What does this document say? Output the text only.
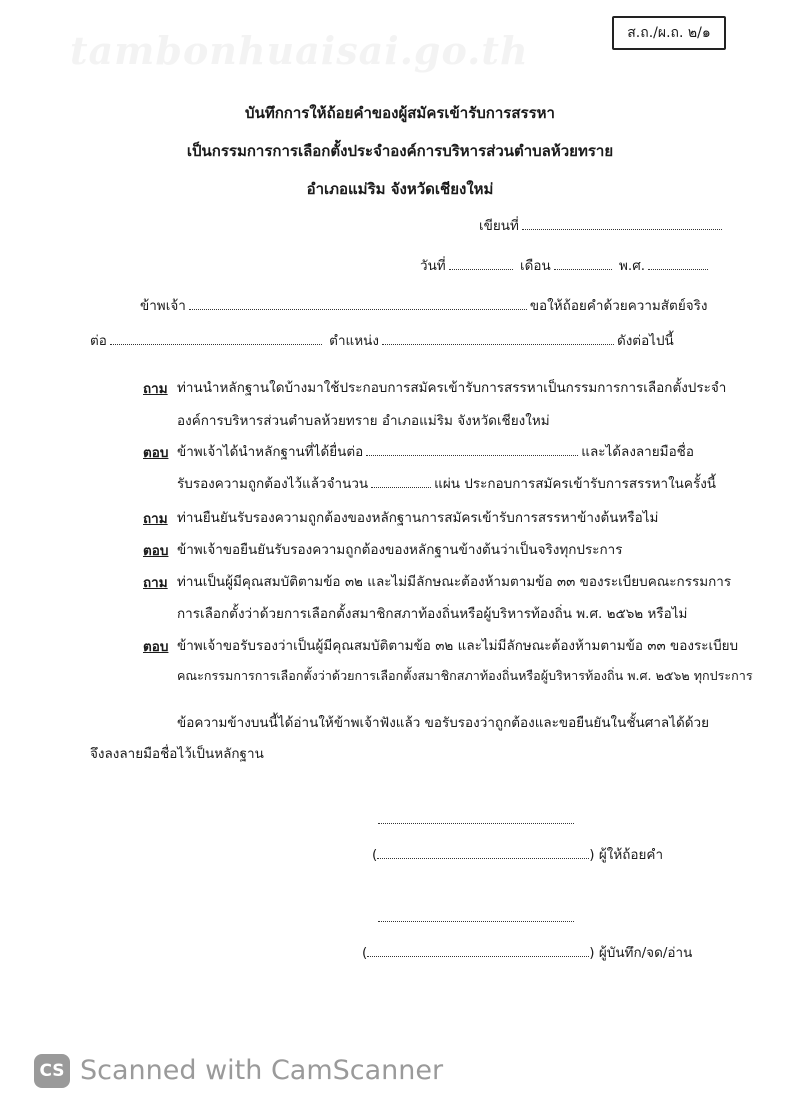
tambonhuaisai.go.th	ส.ถ./ผ.ถ. ๒/๑
บันทึกการให้ถ้อยคำของผู้สมัครเข้ารับการสรรหา
เป็นกรรมการการเลือกตั้งประจำองค์การบริหารส่วนตำบลห้วยทราย
อำเภอแม่ริม จังหวัดเชียงใหม่
เขียนที่
วันที่	เดือน	พ.ศ.
ข้าพเจ้า	ขอให้ถ้อยคำด้วยความสัตย์จริง
ต่อ	ตำแหน่ง	ดังต่อไปนี้
ถาม ท่านนำหลักฐานใดบ้างมาใช้ประกอบการสมัครเข้ารับการสรรหาเป็นกรรมการการเลือกตั้งประจำ
องค์การบริหารส่วนตำบลห้วยทราย อำเภอแม่ริม จังหวัดเชียงใหม่
ตอบ ข้าพเจ้าได้นำหลักฐานที่ได้ยื่นต่อ	และได้ลงลายมือชื่อ
รับรองความถูกต้องไว้แล้วจำนวน	แผ่น ประกอบการสมัครเข้ารับการสรรหาในครั้งนี้
ถาม ท่านยืนยันรับรองความถูกต้องของหลักฐานการสมัครเข้ารับการสรรหาข้างต้นหรือไม่
ตอบ ข้าพเจ้าขอยืนยันรับรองความถูกต้องของหลักฐานข้างต้นว่าเป็นจริงทุกประการ
ถาม ท่านเป็นผู้มีคุณสมบัติตามข้อ ๓๒ และไม่มีลักษณะต้องห้ามตามข้อ ๓๓ ของระเบียบคณะกรรมการ
การเลือกตั้งว่าด้วยการเลือกตั้งสมาชิกสภาท้องถิ่นหรือผู้บริหารท้องถิ่น พ.ศ. ๒๕๖๒ หรือไม่
ตอบ ข้าพเจ้าขอรับรองว่าเป็นผู้มีคุณสมบัติตามข้อ ๓๒ และไม่มีลักษณะต้องห้ามตามข้อ ๓๓ ของระเบียบ
คณะกรรมการการเลือกตั้งว่าด้วยการเลือกตั้งสมาชิกสภาท้องถิ่นหรือผู้บริหารท้องถิ่น พ.ศ. ๒๕๖๒ ทุกประการ
ข้อความข้างบนนี้ได้อ่านให้ข้าพเจ้าฟังแล้ว ขอรับรองว่าถูกต้องและขอยืนยันในชั้นศาลได้ด้วย
จึงลงลายมือชื่อไว้เป็นหลักฐาน
(	) ผู้ให้ถ้อยคำ
(	) ผู้บันทึก/จด/อ่าน
CS Scanned with CamScanner
